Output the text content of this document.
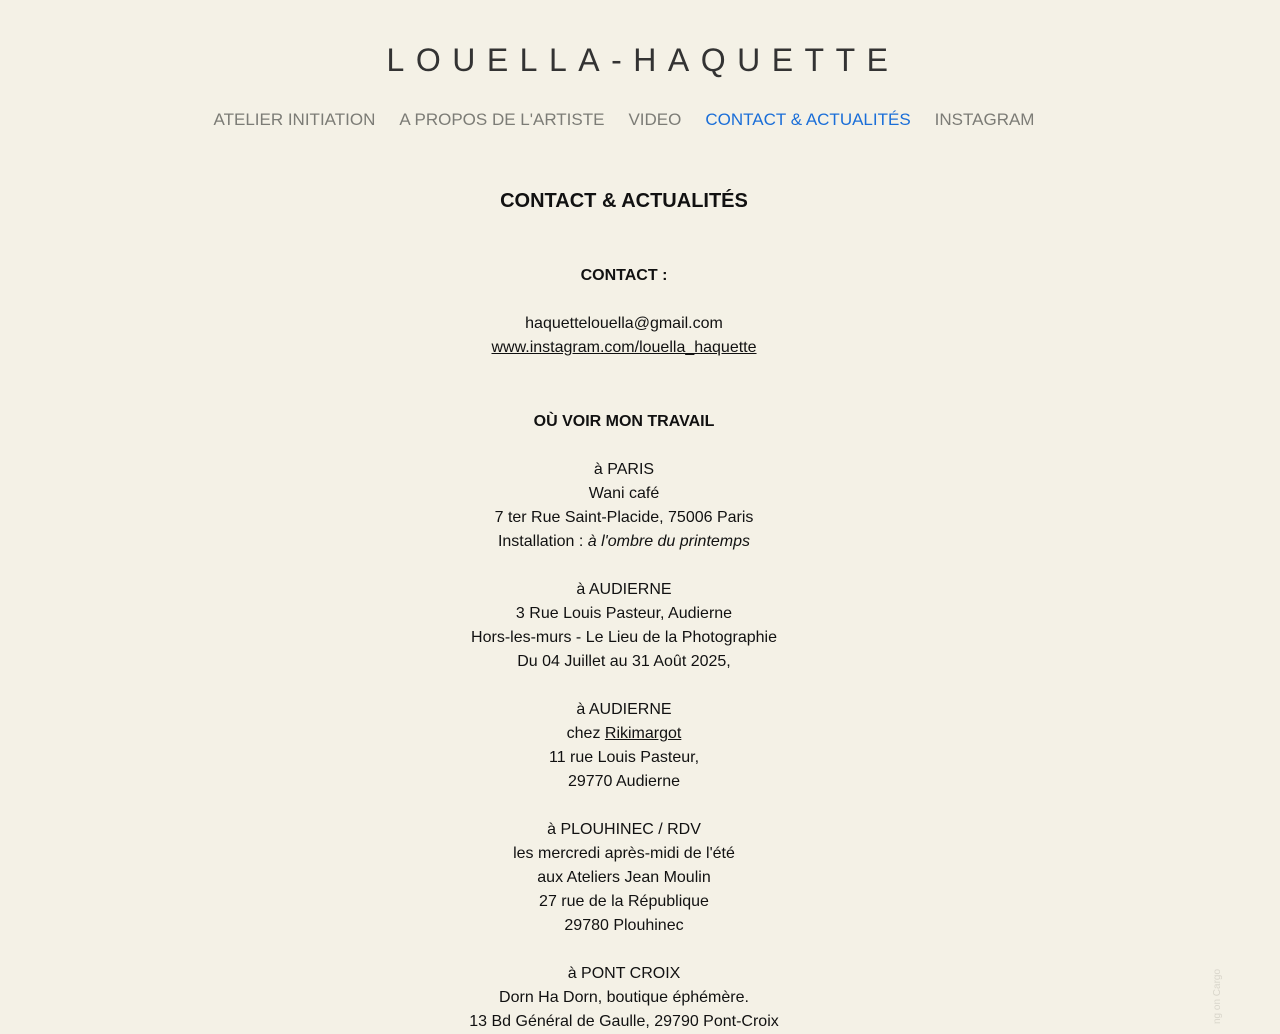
LOUELLA-HAQUETTE
ATELIER INITIATION A PROPOS DE L'ARTISTE VIDEO CONTACT & ACTUALITÉS INSTAGRAM
CONTACT & ACTUALITÉS
CONTACT :
haquettelouella@gmail.com
www.instagram.com/louella_haquette
OÙ VOIR MON TRAVAIL
à PARIS
Wani café
7 ter Rue Saint-Placide, 75006 Paris
Installation : à l'ombre du printemps
à AUDIERNE
3 Rue Louis Pasteur, Audierne
Hors-les-murs - Le Lieu de la Photographie
Du 04 Juillet au 31 Août 2025,
à AUDIERNE
chez Rikimargot
11 rue Louis Pasteur,
29770 Audierne
à PLOUHINEC / RDV
les mercredi après-midi de l'été
aux Ateliers Jean Moulin
27 rue de la République
29780 Plouhinec
à PONT CROIX
Dorn Ha Dorn, boutique éphémère.
13 Bd Général de Gaulle, 29790 Pont-Croix	ng on Cargo
